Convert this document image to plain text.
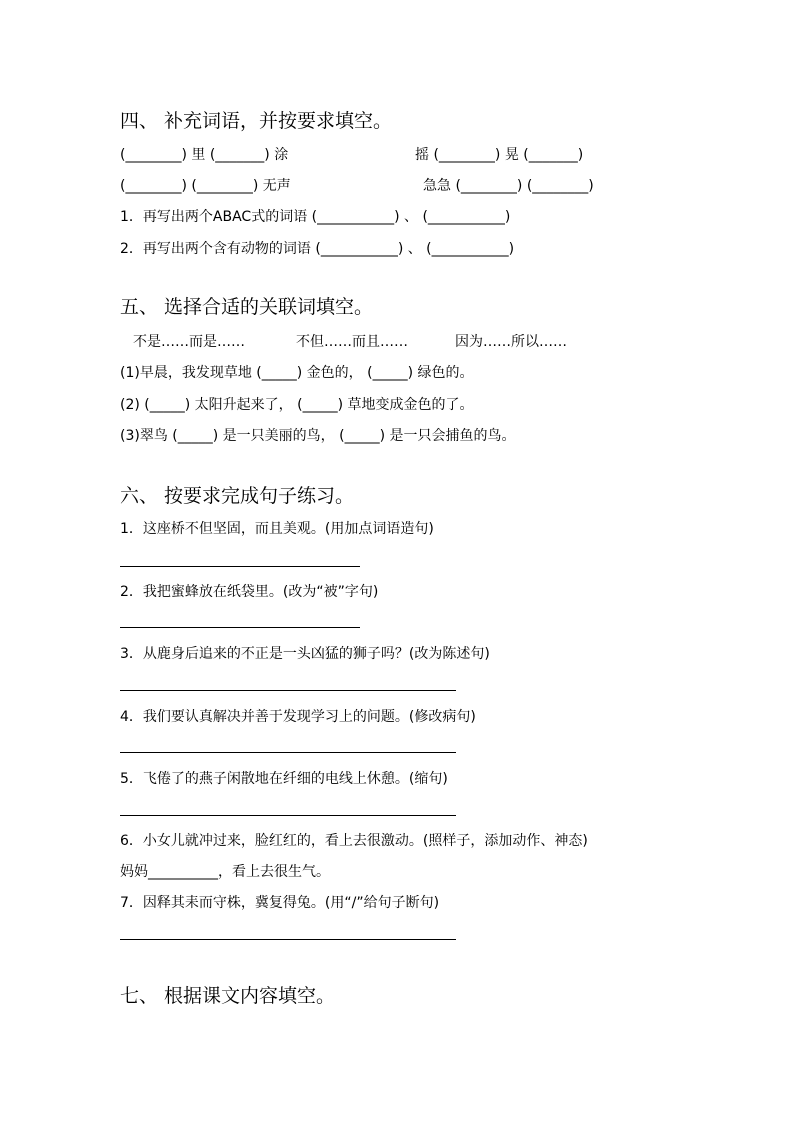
四、 补充词语，并按要求填空。
(________) 里 (_______) 涂	摇 (________) 晃 (_______)
(________) (________) 无声	急急 (________) (________)
1．再写出两个ABAC式的词语 (___________) 、 (___________)
2．再写出两个含有动物的词语 (___________) 、 (___________)
五、 选择合适的关联词填空。
不是……而是……	不但……而且……	因为……所以……
(1)早晨，我发现草地 (_____) 金色的， (_____) 绿色的。
(2) (_____) 太阳升起来了， (_____) 草地变成金色的了。
(3)翠鸟 (_____) 是一只美丽的鸟， (_____) 是一只会捕鱼的鸟。
六、 按要求完成句子练习。
1．这座桥不但坚固，而且美观。(用加点词语造句)
2．我把蜜蜂放在纸袋里。(改为“被”字句)
3．从鹿身后追来的不正是一头凶猛的狮子吗？(改为陈述句)
4．我们要认真解决并善于发现学习上的问题。(修改病句)
5．飞倦了的燕子闲散地在纤细的电线上休憩。(缩句)
6．小女儿就冲过来，脸红红的，看上去很激动。(照样子，添加动作、神态)
妈妈__________，看上去很生气。
7．因释其耒而守株，冀复得兔。(用“/”给句子断句)
七、 根据课文内容填空。
